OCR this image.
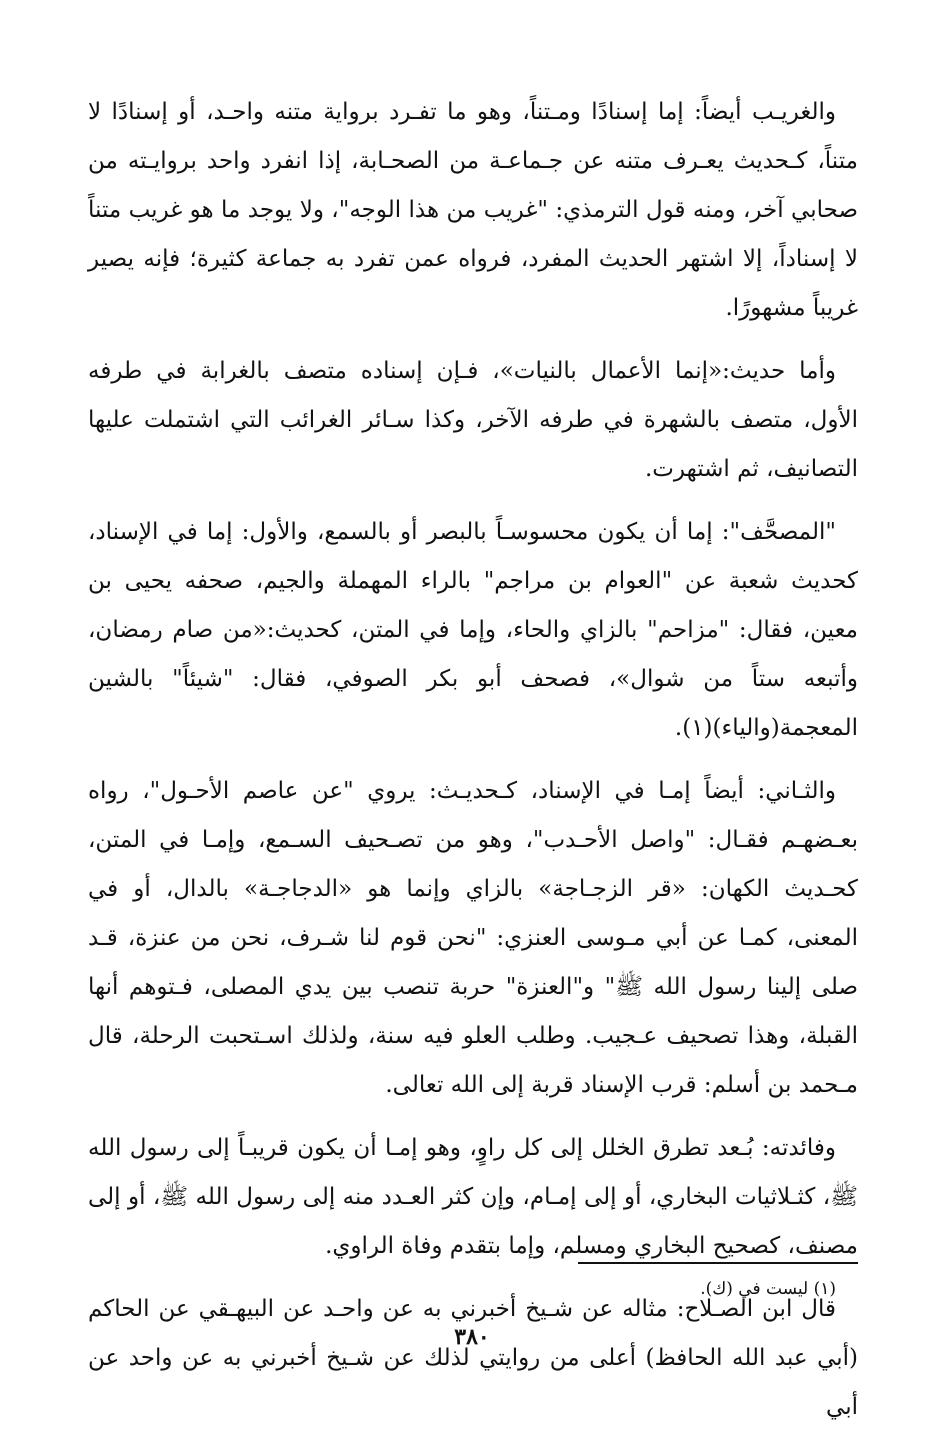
والغريـب أيضاً: إما إسنادًا ومـتناً، وهو ما تفـرد برواية متنه واحـد، أو إسنادًا لا متناً، كـحديث يعـرف متنه عن جـماعـة من الصحـابة، إذا انفرد واحد بروايـته من صحابي آخر، ومنه قول الترمذي: "غريب من هذا الوجه"، ولا يوجد ما هو غريب متناً لا إسناداً، إلا اشتهر الحديث المفرد، فرواه عمن تفرد به جماعة كثيرة؛ فإنه يصير غريباً مشهورًا.

وأما حديث:«إنما الأعمال بالنيات»، فـإن إسناده متصف بالغرابة في طرفه الأول، متصف بالشهرة في طرفه الآخر، وكذا سـائر الغرائب التي اشتملت عليها التصانيف، ثم اشتهرت.

"المصحَّف": إما أن يكون محسوسـاً بالبصر أو بالسمع، والأول: إما في الإسناد، كحديث شعبة عن "العوام بن مراجم" بالراء المهملة والجيم، صحفه يحيى بن معين، فقال: "مزاحم" بالزاي والحاء، وإما في المتن، كحديث:«من صام رمضان، وأتبعه ستاً من شوال»، فصحف أبو بكر الصوفي، فقال: "شيئاً" بالشين المعجمة(والياء)(١).

والثـاني: أيضاً إمـا في الإسناد، كـحديـث: يروي "عن عاصم الأحـول"، رواه بعـضهـم فقـال: "واصل الأحـدب"، وهو من تصـحيف السـمع، وإمـا في المتن، كحـديث الكهان: «قر الزجـاجة» بالزاي وإنما هو «الدجاجـة» بالدال، أو في المعنى، كمـا عن أبي مـوسى العنزي: "نحن قوم لنا شـرف، نحن من عنزة، قـد صلى إلينا رسول الله ﷺ" و"العنزة" حربة تنصب بين يدي المصلى، فـتوهم أنها القبلة، وهذا تصحيف عـجيب. وطلب العلو فيه سنة، ولذلك اسـتحبت الرحلة، قال مـحمد بن أسلم: قرب الإسناد قربة إلى الله تعالى.

وفائدته: بُـعد تطرق الخلل إلى كل راوٍ، وهو إمـا أن يكون قريبـاً إلى رسول الله ﷺ، كثـلاثيات البخاري، أو إلى إمـام، وإن كثر العـدد منه إلى رسول الله ﷺ، أو إلى مصنف، كصحيح البخاري ومسلم، وإما بتقدم وفاة الراوي.

قال ابن الصـلاح: مثاله عن شـيخ أخبرني به عن واحـد عن البيهـقي عن الحاكم (أبي عبد الله الحافظ) أعلى من روايتي لذلك عن شـيخ أخبرني به عن واحد عن أبي

(١) ليست في (ك).
٣٨٠
